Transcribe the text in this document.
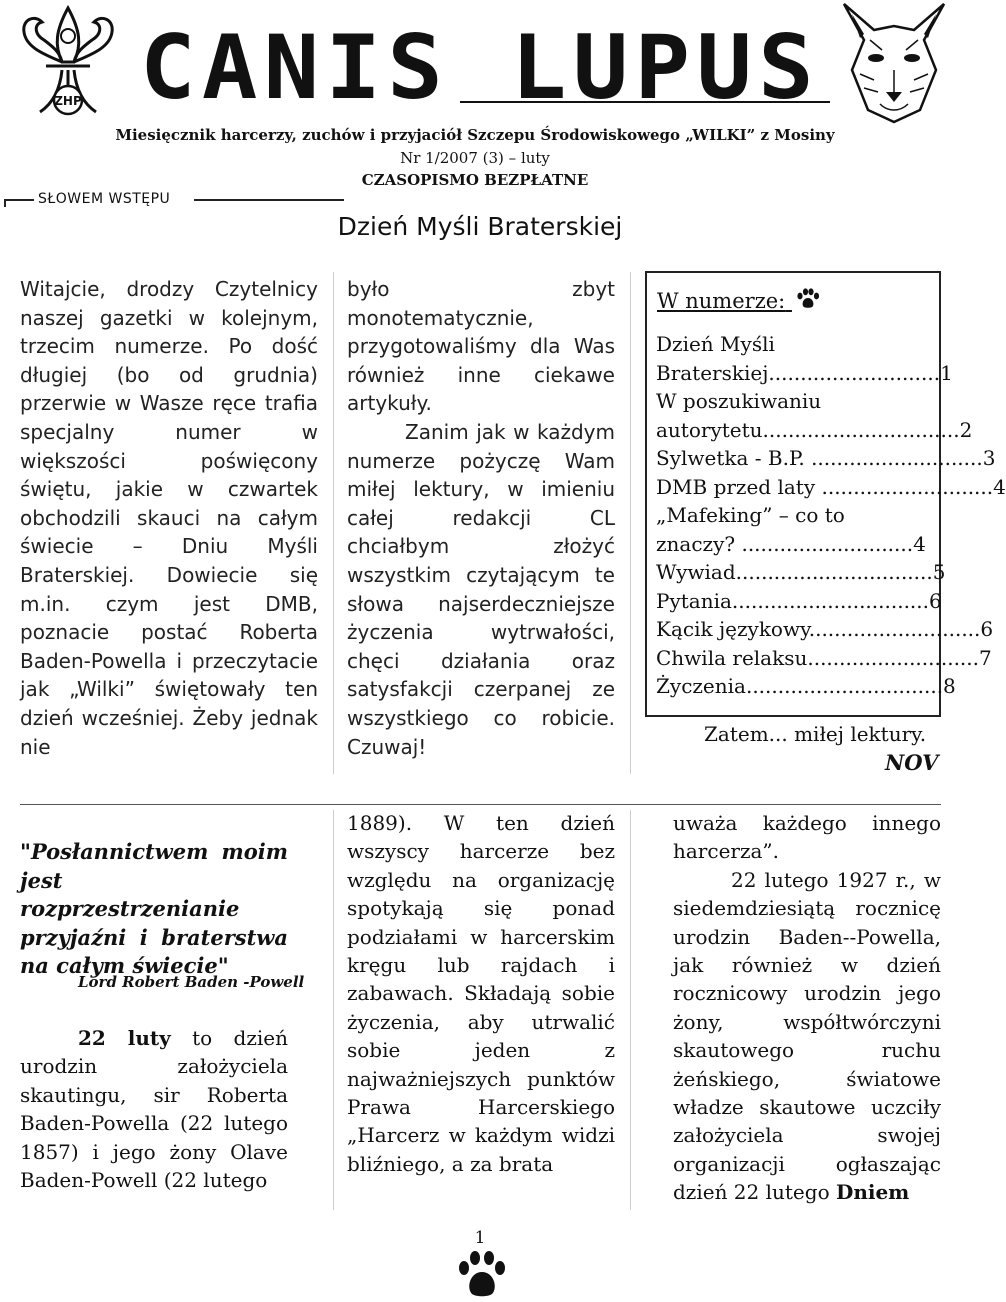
ZHP CANIS LUPUS
Miesięcznik harcerzy, zuchów i przyjaciół Szczepu Środowiskowego „WILKI” z Mosiny
Nr 1/2007 (3) – luty
CZASOPISMO BEZPŁATNE
SŁOWEM WSTĘPU
Dzień Myśli Braterskiej

Witajcie, drodzy Czytelnicy naszej gazetki w kolejnym, trzecim numerze. Po dość długiej (bo od grudnia) przerwie w Wasze ręce trafia specjalny numer w większości poświęcony świętu, jakie w czwartek obchodzili skauci na całym świecie – Dniu Myśli Braterskiej. Dowiecie się m.in. czym jest DMB, poznacie postać Roberta Baden-Powella i przeczytacie jak „Wilki” świętowały ten dzień wcześniej. Żeby jednak nie

było zbyt monotematycznie, przygotowaliśmy dla Was również inne ciekawe artykuły.

Zanim jak w każdym numerze pożyczę Wam miłej lektury, w imieniu całej redakcji CL chciałbym złożyć wszystkim czytającym te słowa najserdeczniejsze życzenia wytrwałości, chęci działania oraz satysfakcji czerpanej ze wszystkiego co robicie. Czuwaj!

W numerze:
Dzień Myśli
Braterskiej...........................1
W poszukiwaniu
autorytetu...............................2
Sylwetka - B.P. ...........................3
DMB przed laty ...........................4
„Mafeking” – co to
znaczy? ...........................4
Wywiad...............................5
Pytania...............................6
Kącik językowy...........................6
Chwila relaksu...........................7
Życzenia...............................8
Zatem... miłej lektury.
NOV
"Posłannictwem moim jest rozprzestrzenianie przyjaźni i braterstwa na całym świecie"
Lord Robert Baden -Powell

22 luty to dzień urodzin założyciela skautingu, sir Roberta Baden-Powella (22 lutego 1857) i jego żony Olave Baden-Powell (22 lutego

1889). W ten dzień wszyscy harcerze bez względu na organizację spotykają się ponad podziałami w harcerskim kręgu lub rajdach i zabawach. Składają sobie życzenia, aby utrwalić sobie jeden z najważniejszych punktów Prawa Harcerskiego „Harcerz w każdym widzi bliźniego, a za brata

uważa każdego innego harcerza”.

22 lutego 1927 r., w siedemdziesiątą rocznicę urodzin Baden--Powella, jak również w dzień rocznicowy urodzin jego żony, współtwórczyni skautowego ruchu żeńskiego, światowe władze skautowe uczciły założyciela swojej organizacji ogłaszając dzień 22 lutego Dniem

1
